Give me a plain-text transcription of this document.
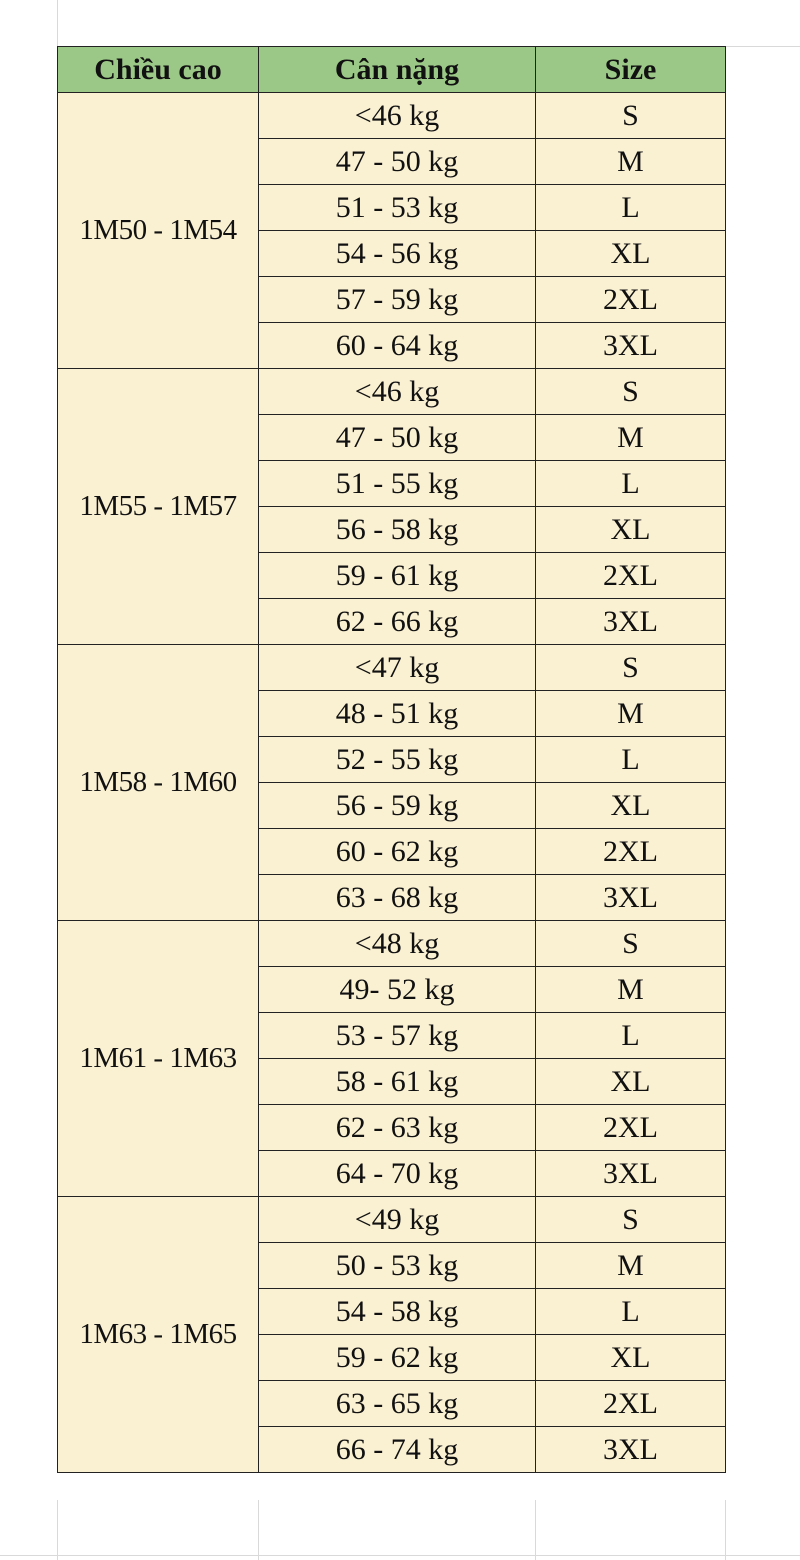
Chiều cao	Cân nặng	Size
1M50 - 1M54	<46 kg	S
	47 - 50 kg	M
	51 - 53 kg	L
	54 - 56 kg	XL
	57 - 59 kg	2XL
	60 - 64 kg	3XL
1M55 - 1M57	<46 kg	S
	47 - 50 kg	M
	51 - 55 kg	L
	56 - 58 kg	XL
	59 - 61 kg	2XL
	62 - 66 kg	3XL
1M58 - 1M60	<47 kg	S
	48 - 51 kg	M
	52 - 55 kg	L
	56 - 59 kg	XL
	60 - 62 kg	2XL
	63 - 68 kg	3XL
1M61 - 1M63	<48 kg	S
	49- 52 kg	M
	53 - 57 kg	L
	58 - 61 kg	XL
	62 - 63 kg	2XL
	64 - 70 kg	3XL
1M63 - 1M65	<49 kg	S
	50 - 53 kg	M
	54 - 58 kg	L
	59 - 62 kg	XL
	63 - 65 kg	2XL
	66 - 74 kg	3XL
